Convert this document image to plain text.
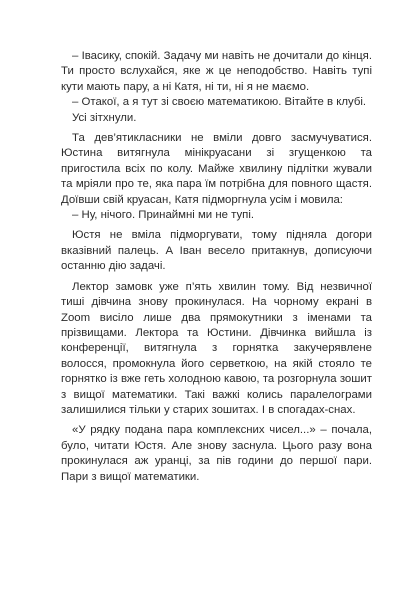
– Івасику, спокій. Задачу ми навіть не дочитали до кінця. Ти просто вслухайся, яке ж це неподобство. Навіть тупі кути мають пару, а ні Катя, ні ти, ні я не маємо.

– Отакої, а я тут зі своєю математикою. Вітайте в клубі.

Усі зітхнули.

Та дев’ятикласники не вміли довго засмучуватися. Юстина витягнула мінікруасани зі згущенкою та пригостила всіх по колу. Майже хвилину підлітки жували та мріяли про те, яка пара їм потрібна для повного щастя. Доївши свій круасан, Катя підморгнула усім і мовила:

– Ну, нічого. Принаймні ми не тупі.

Юстя не вміла підморгувати, тому підняла догори вказівний палець. А Іван весело притакнув, дописуючи останню дію задачі.

Лектор замовк уже п’ять хвилин тому. Від незвичної тиші дівчина знову прокинулася. На чорному екрані в Zoom висіло лише два прямокутники з іменами та прізвищами. Лектора та Юстини. Дівчинка вийшла із конференції, витягнула з горнятка закучерявлене волосся, промокнула його серветкою, на якій стояло те горнятко із вже геть холодною кавою, та розгорнула зошит з вищої математики. Такі важкі колись паралелограми залишилися тільки у старих зошитах. І в спогадах-снах.

«У рядку подана пара комплексних чисел...» – почала, було, читати Юстя. Але знову заснула. Цього разу вона прокинулася аж уранці, за пів години до першої пари. Пари з вищої математики.
